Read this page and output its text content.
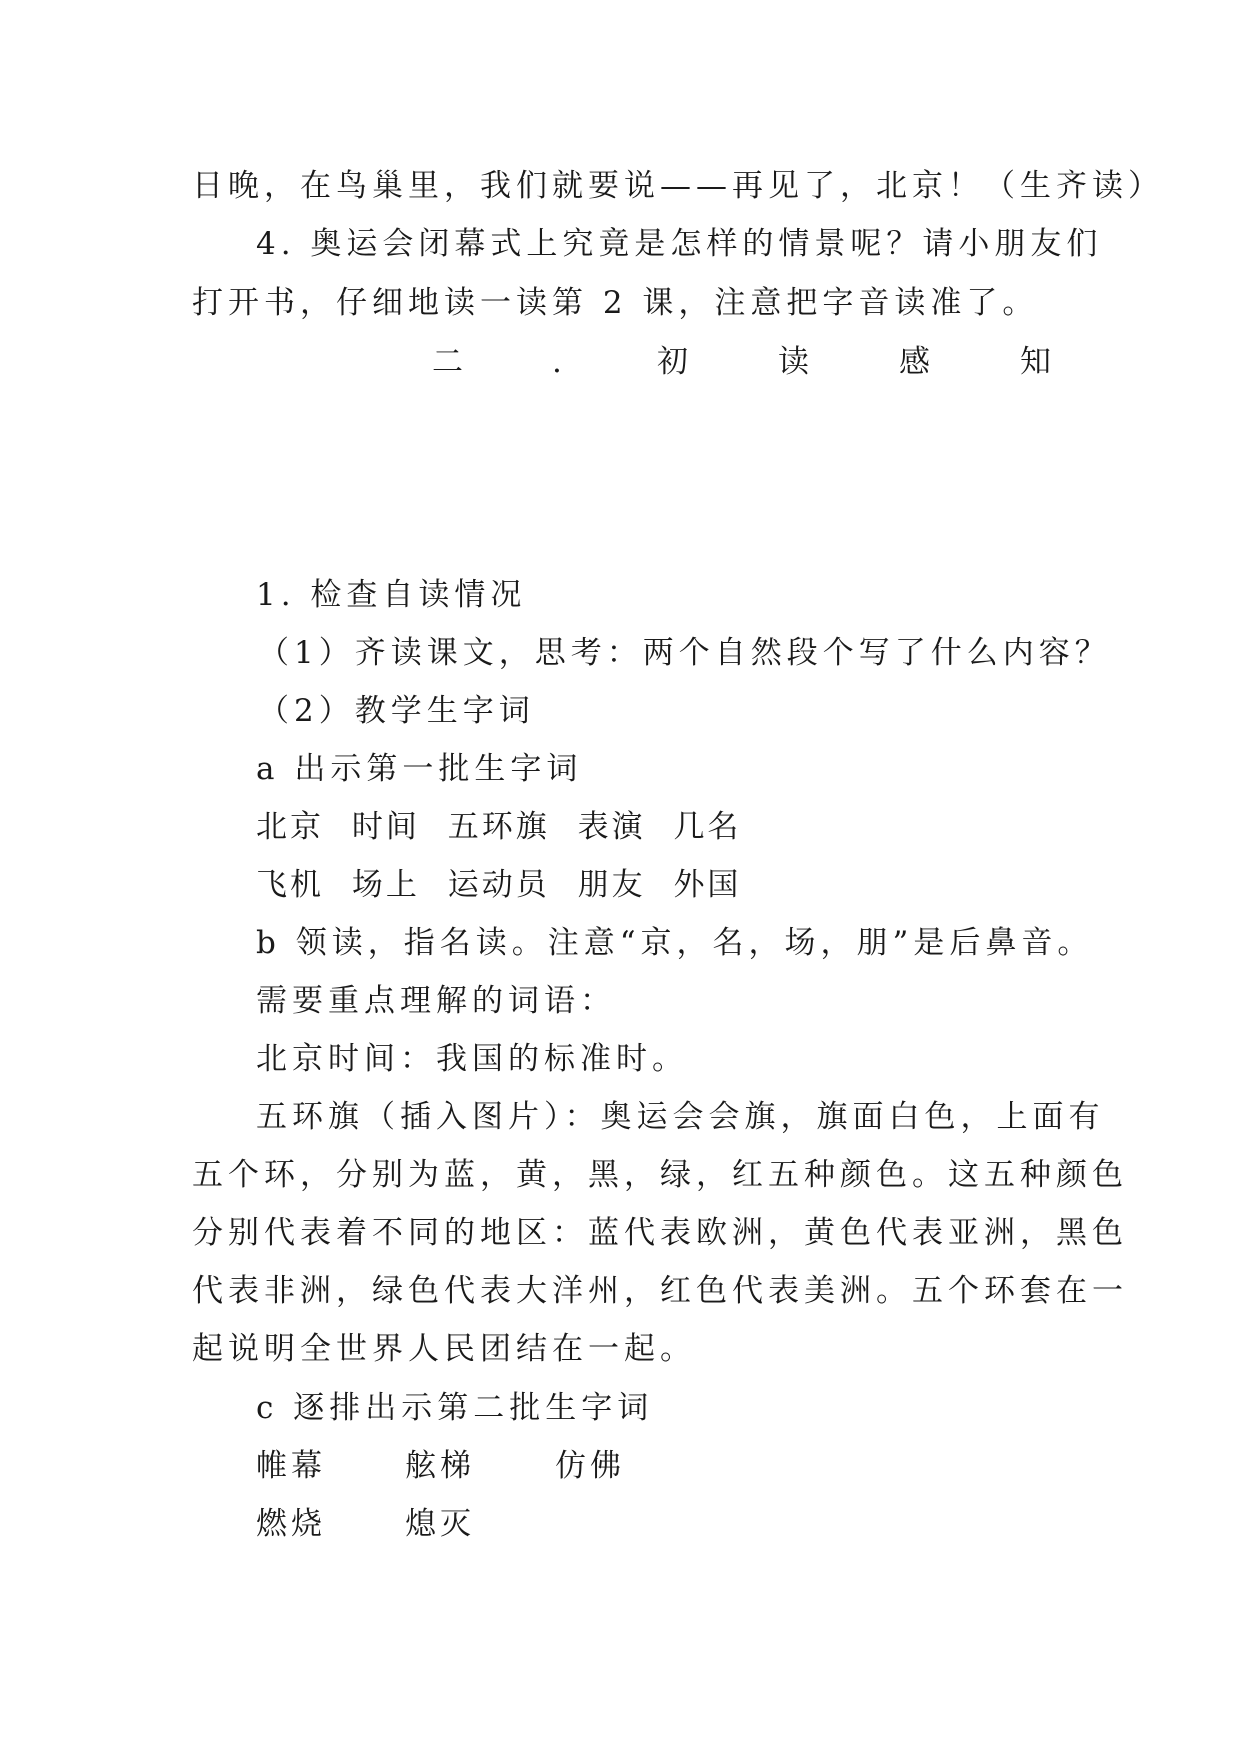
日晚，在鸟巢里，我们就要说——再见了，北京！（生齐读）
4. 奥运会闭幕式上究竟是怎样的情景呢？请小朋友们
打开书，仔细地读一读第 2 课，注意把字音读准了。
二	.	初	读	感	知
1. 检查自读情况
（1）齐读课文，思考：两个自然段个写了什么内容？
（2）教学生字词
a 出示第一批生字词
北京 时间 五环旗 表演 几名
飞机 场上 运动员 朋友 外国
b 领读，指名读。注意“京，名，场，朋”是后鼻音。
需要重点理解的词语：
北京时间：我国的标准时。
五环旗（插入图片）：奥运会会旗，旗面白色，上面有
五个环，分别为蓝，黄，黑，绿，红五种颜色。这五种颜色
分别代表着不同的地区：蓝代表欧洲，黄色代表亚洲，黑色
代表非洲，绿色代表大洋州，红色代表美洲。五个环套在一
起说明全世界人民团结在一起。
c 逐排出示第二批生字词
帷幕	舷梯	仿佛
燃烧	熄灭
